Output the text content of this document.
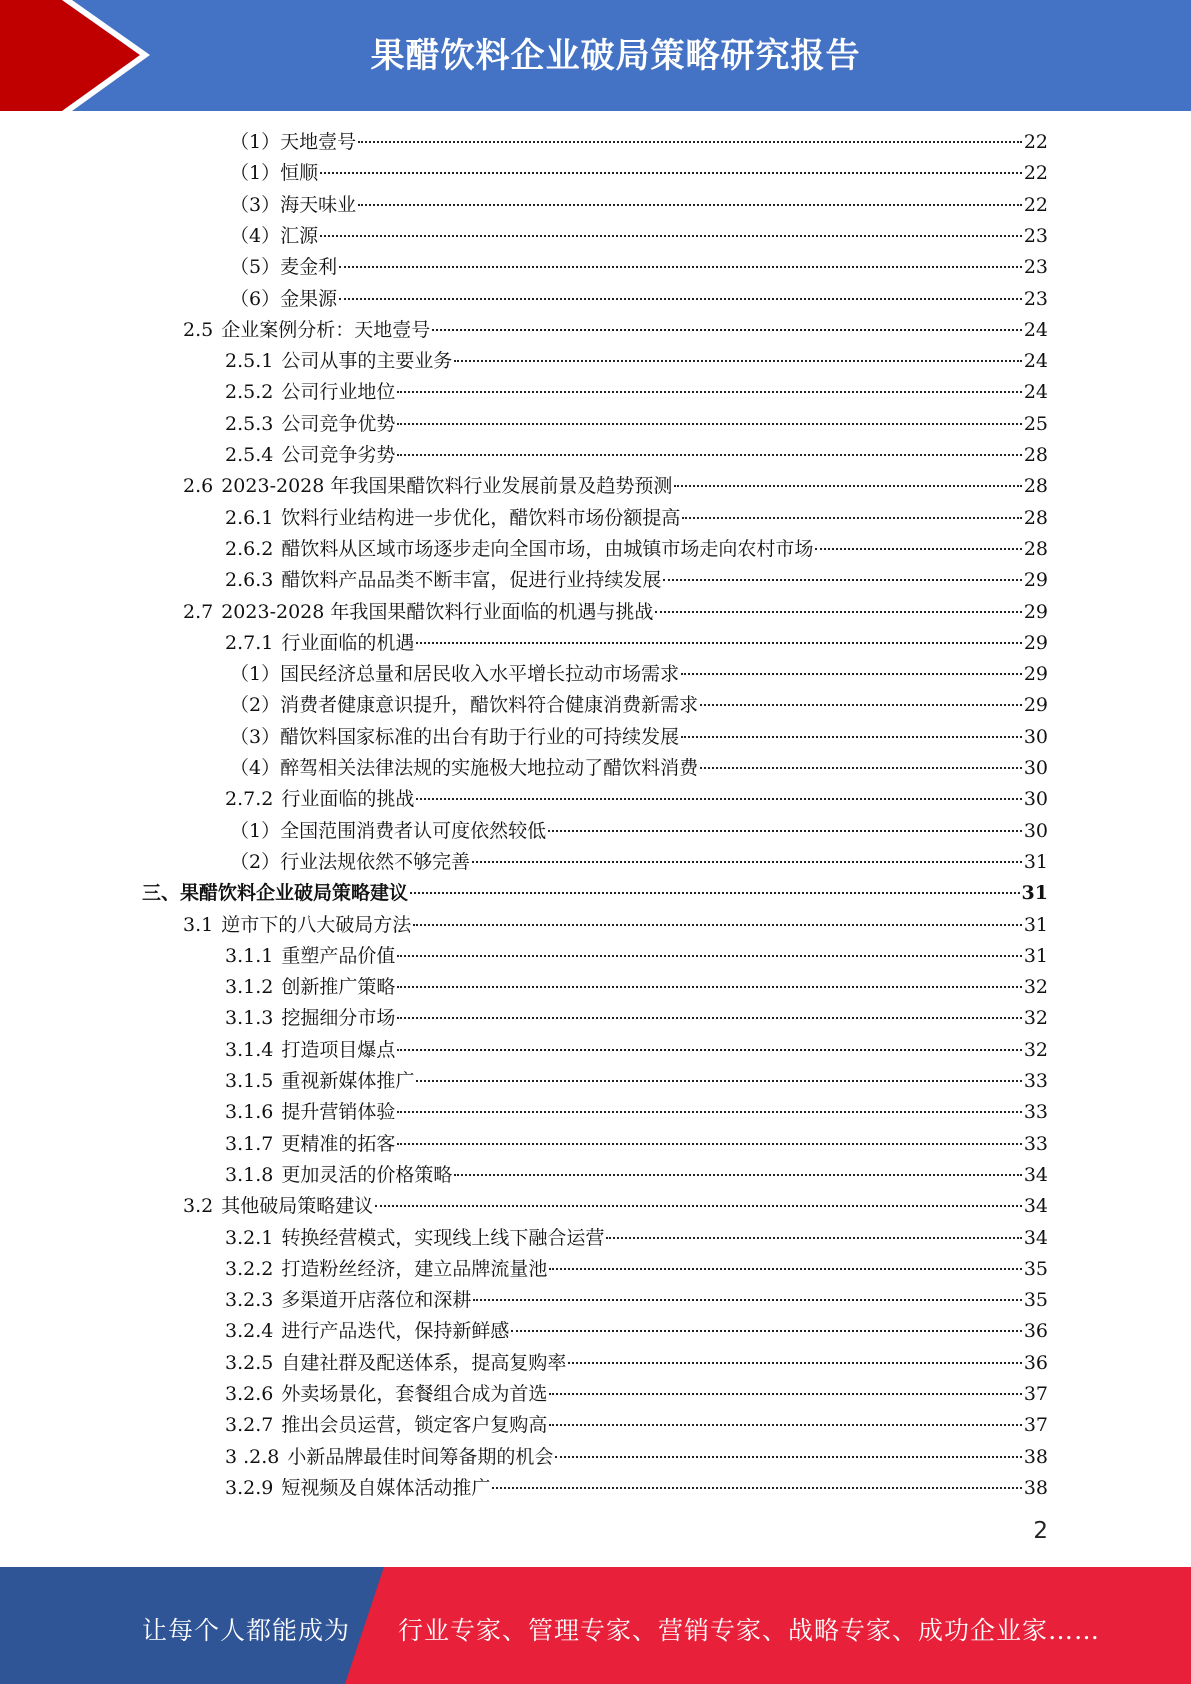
果醋饮料企业破局策略研究报告
（1） 天地壹号	22
（1） 恒顺	22
（3） 海天味业	22
（4） 汇源	23
（5） 麦金利	23
（6） 金果源	23
2.5 企业案例分析：天地壹号	24
2.5.1 公司从事的主要业务	24
2.5.2 公司行业地位	24
2.5.3 公司竞争优势	25
2.5.4 公司竞争劣势	28
2.6 2023-2028 年我国果醋饮料行业发展前景及趋势预测	28
2.6.1 饮料行业结构进一步优化，醋饮料市场份额提高	28
2.6.2 醋饮料从区域市场逐步走向全国市场，由城镇市场走向农村市场	28
2.6.3 醋饮料产品品类不断丰富，促进行业持续发展	29
2.7 2023-2028 年我国果醋饮料行业面临的机遇与挑战	29
2.7.1 行业面临的机遇	29
（1） 国民经济总量和居民收入水平增长拉动市场需求	29
（2） 消费者健康意识提升，醋饮料符合健康消费新需求	29
（3） 醋饮料国家标准的出台有助于行业的可持续发展	30
（4） 醉驾相关法律法规的实施极大地拉动了醋饮料消费	30
2.7.2 行业面临的挑战	30
（1） 全国范围消费者认可度依然较低	30
（2） 行业法规依然不够完善	31
三、 果醋饮料企业破局策略建议	31
3.1 逆市下的八大破局方法	31
3.1.1 重塑产品价值	31
3.1.2 创新推广策略	32
3.1.3 挖掘细分市场	32
3.1.4 打造项目爆点	32
3.1.5 重视新媒体推广	33
3.1.6 提升营销体验	33
3.1.7 更精准的拓客	33
3.1.8 更加灵活的价格策略	34
3.2 其他破局策略建议	34
3.2.1 转换经营模式，实现线上线下融合运营	34
3.2.2 打造粉丝经济，建立品牌流量池	35
3.2.3 多渠道开店落位和深耕	35
3.2.4 进行产品迭代，保持新鲜感	36
3.2.5 自建社群及配送体系，提高复购率	36
3.2.6 外卖场景化，套餐组合成为首选	37
3.2.7 推出会员运营，锁定客户复购高	37
3 .2.8 小新品牌最佳时间筹备期的机会	38
3.2.9 短视频及自媒体活动推广	38
2
让每个人都能成为 行业专家、管理专家、营销专家、战略专家、成功企业家……
